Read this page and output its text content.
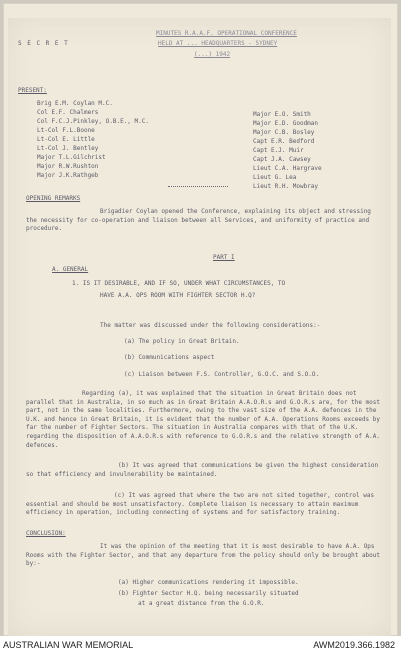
S E C R E T
MINUTES R.A.A.F. OPERATIONAL CONFERENCE
HELD AT ... HEADQUARTERS - SYDNEY
(...) 1942
PRESENT:
Brig E.M. Coylan M.C.
Col E.F. Chalmers
Col F.C.J.Pinkley, O.B.E., M.C.
Lt-Col F.L.Boone
Lt-Col E. Little
Lt-Col J. Bentley
Major T.L.Gilchrist
Major R.W.Rushton
Major J.K.Rathgeb
Major E.O. Smith
Major E.D. Goodman
Major C.B. Bosley
Capt E.R. Bedford
Capt E.J. Muir
Capt J.A. Cawsey
Lieut C.A. Hargrave
Lieut G. Lea
Lieut R.H. Mowbray
OPENING REMARKS
Brigadier Coylan opened the Conference, explaining its object and stressing the necessity for co-operation and liaison between all Services, and uniformity of practice and procedure.
PART I
A. GENERAL
1. IS IT DESIRABLE, AND IF SO, UNDER WHAT CIRCUMSTANCES, TO
HAVE A.A. OPS ROOM WITH FIGHTER SECTOR H.Q?
The matter was discussed under the following considerations:-
(a) The policy in Great Britain.
(b) Communications aspect
(c) Liaison between F.S. Controller, G.O.C. and S.O.O.
Regarding (a), it was explained that the situation in Great Britain does not parallel that in Australia, in so much as in Great Britain A.A.O.R.s and G.O.R.s are, for the most part, not in the same localities. Furthermore, owing to the vast size of the A.A. defences in the U.K. and hence in Great Britain, it is evident that the number of A.A. Operations Rooms exceeds by far the number of Fighter Sectors. The situation in Australia compares with that of the U.K. regarding the disposition of A.A.O.R.s with reference to G.O.R.s and the relative strength of A.A. defences.
(b) It was agreed that communications be given the highest consideration so that efficiency and invulnerability be maintained.
(c) It was agreed that where the two are not sited together, control was essential and should be most unsatisfactory. Complete liaison is necessary to attain maximum efficiency in operation, including connecting of systems and for satisfactory training.
CONCLUSION:
It was the opinion of the meeting that it is most desirable to have A.A. Ops Rooms with the Fighter Sector, and that any departure from the policy should only be brought about by:-
(a) Higher communications rendering it impossible.
(b) Fighter Sector H.Q. being necessarily situated
at a great distance from the G.O.R.
AUSTRALIAN WAR MEMORIAL	AWM2019.366.1982
